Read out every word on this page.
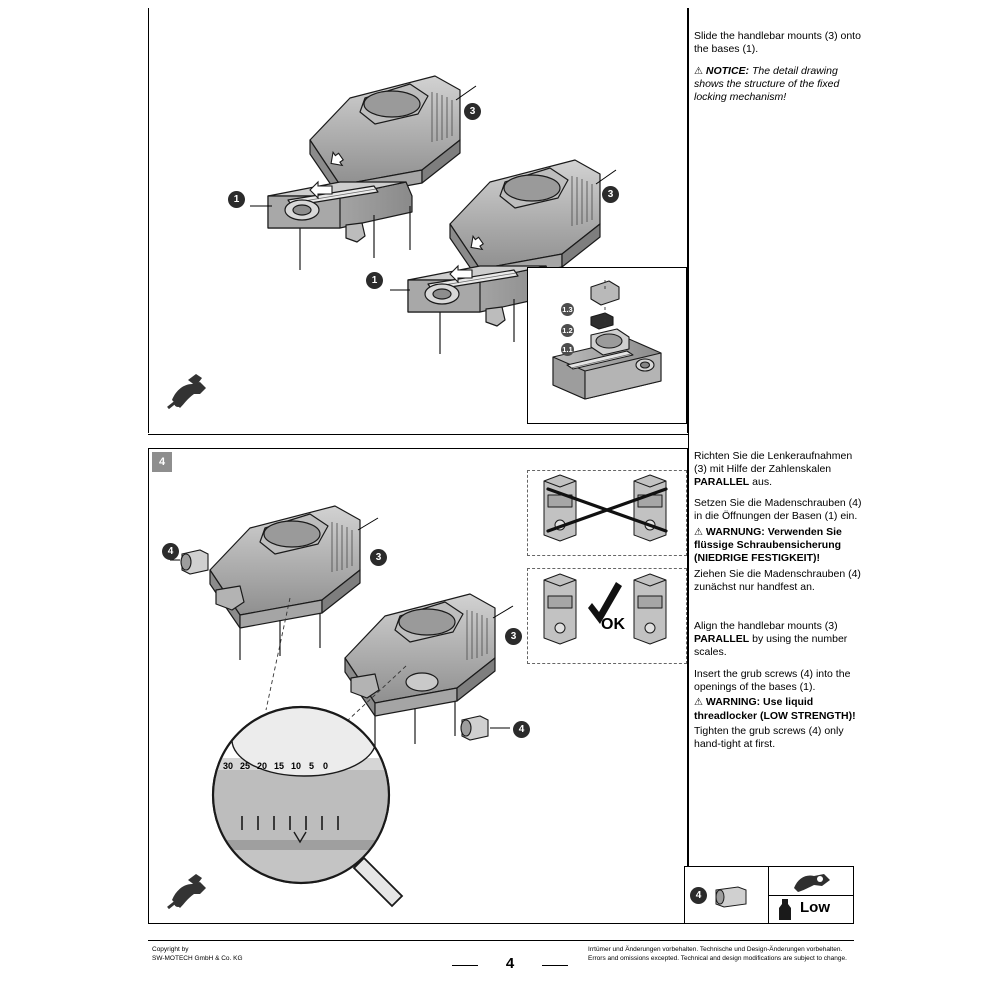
4
1
3
1
3
1.3
1.2
1.1
Slide the handlebar mounts (3) onto the bases (1).
⚠ NOTICE: The detail drawing shows the structure of the fixed locking mechanism!
30 25 20 15 10 5 0
4
3
3
4
OK
Richten Sie die Lenkeraufnahmen (3) mit Hilfe der Zahlenskalen PARALLEL aus.
Setzen Sie die Madenschrauben (4) in die Öffnungen der Basen (1) ein.
⚠ WARNUNG: Verwenden Sie flüssige Schraubensicherung (NIEDRIGE FESTIGKEIT)!
Ziehen Sie die Madenschrauben (4) zunächst nur handfest an.
Align the handlebar mounts (3) PARALLEL by using the number scales.
Insert the grub screws (4) into the openings of the bases (1).
⚠ WARNING: Use liquid threadlocker (LOW STRENGTH)!
Tighten the grub screws (4) only hand-tight at first.
4
Low
Copyright by
SW-MOTECH GmbH & Co. KG
Irrtümer und Änderungen vorbehalten. Technische und Design-Änderungen vorbehalten.
Errors and omissions excepted. Technical and design modifications are subject to change.
4
